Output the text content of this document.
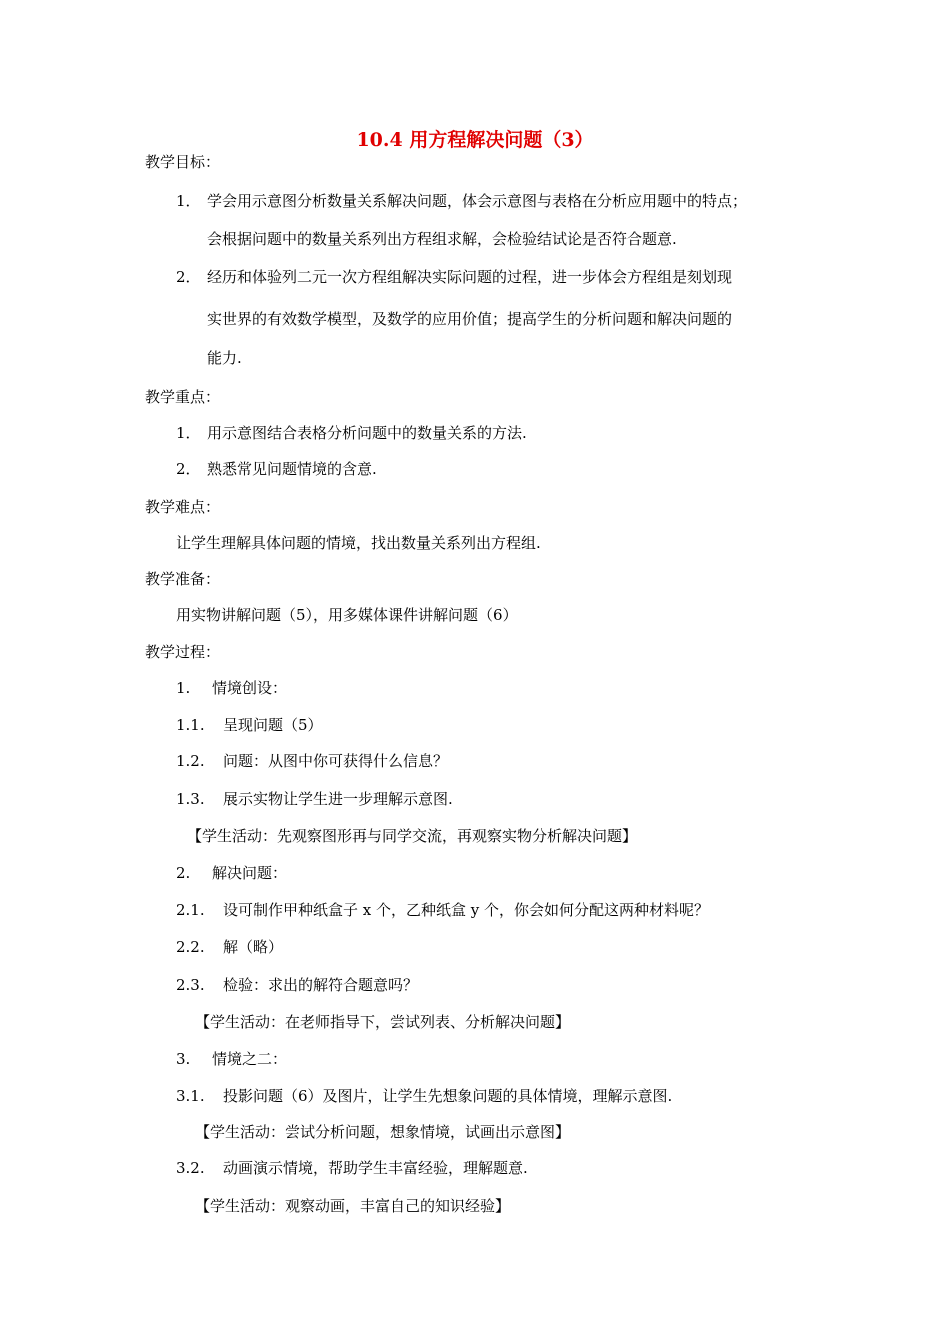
10.4 用方程解决问题（3）
教学目标：
1． 学会用示意图分析数量关系解决问题，体会示意图与表格在分析应用题中的特点；
会根据问题中的数量关系列出方程组求解，会检验结试论是否符合题意.
2． 经历和体验列二元一次方程组解决实际问题的过程，进一步体会方程组是刻划现
实世界的有效数学模型，及数学的应用价值；提高学生的分析问题和解决问题的
能力.
教学重点：
1． 用示意图结合表格分析问题中的数量关系的方法.
2． 熟悉常见问题情境的含意.
教学难点：
让学生理解具体问题的情境，找出数量关系列出方程组.
教学准备：
用实物讲解问题（5），用多媒体课件讲解问题（6）
教学过程：
1. 情境创设：
1.1. 呈现问题（5）
1.2. 问题：从图中你可获得什么信息？
1.3. 展示实物让学生进一步理解示意图.
【学生活动：先观察图形再与同学交流，再观察实物分析解决问题】
2. 解决问题：
2.1. 设可制作甲种纸盒子 x 个，乙种纸盒 y 个，你会如何分配这两种材料呢？
2.2. 解（略）
2.3. 检验：求出的解符合题意吗？
【学生活动：在老师指导下，尝试列表、分析解决问题】
3. 情境之二：
3.1. 投影问题（6）及图片，让学生先想象问题的具体情境，理解示意图.
【学生活动：尝试分析问题，想象情境，试画出示意图】
3.2. 动画演示情境，帮助学生丰富经验，理解题意.
【学生活动：观察动画，丰富自己的知识经验】
